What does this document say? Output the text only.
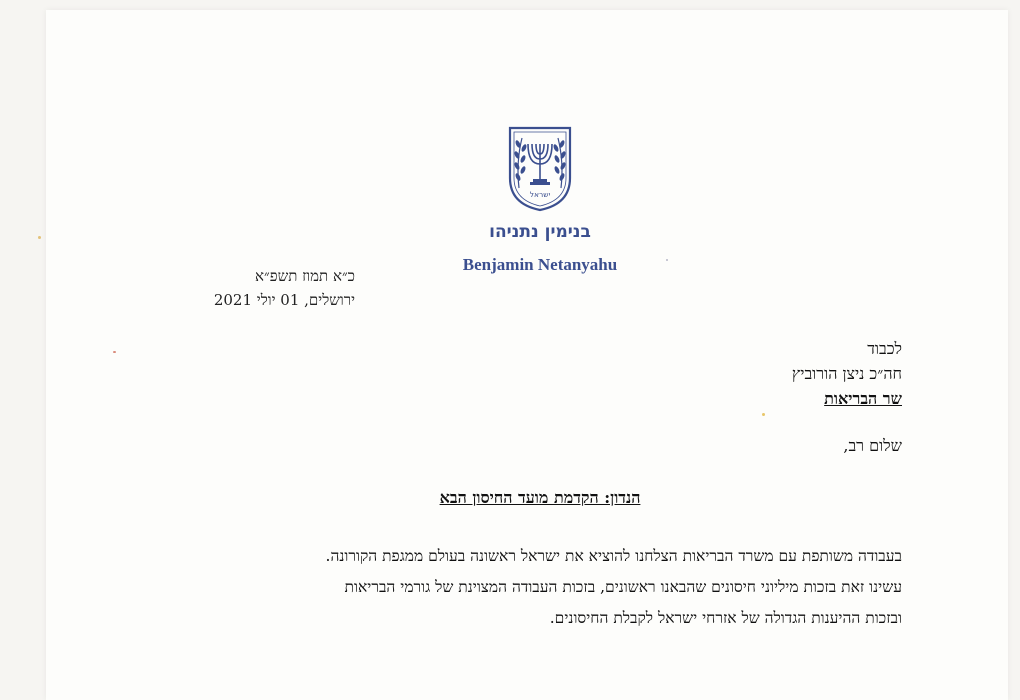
ישראל
בנימין נתניהו
Benjamin Netanyahu
כ״א תמוז תשפ״א
ירושלים, 01 יולי 2021
לכבוד
חה״כ ניצן הורוביץ
שר הבריאות
שלום רב,
הנדון: הקדמת מועד החיסון הבא
בעבודה משותפת עם משרד הבריאות הצלחנו להוציא את ישראל ראשונה בעולם ממגפת הקורונה.
עשינו זאת בזכות מיליוני חיסונים שהבאנו ראשונים, בזכות העבודה המצוינת של גורמי הבריאות
ובזכות ההיענות הגדולה של אזרחי ישראל לקבלת החיסונים.
